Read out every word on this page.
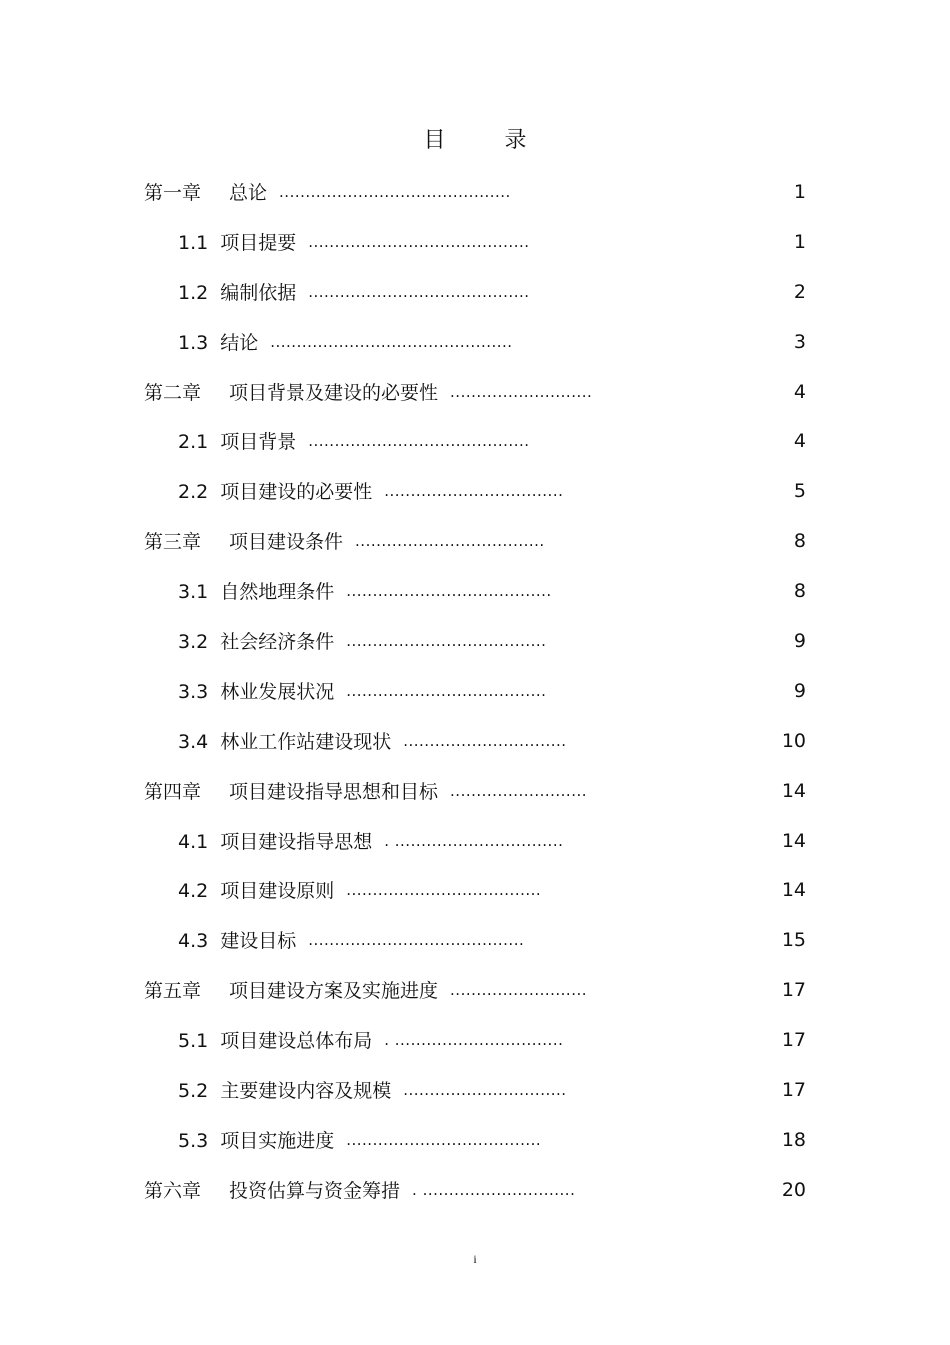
目 录
第一章 总论 ............................................	1
1.1 项目提要 ..........................................	1
1.2 编制依据 ..........................................	2
1.3 结论 ..............................................	3
第二章 项目背景及建设的必要性 ...........................	4
2.1 项目背景 ..........................................	4
2.2 项目建设的必要性 ..................................	5
第三章 项目建设条件 ....................................	8
3.1 自然地理条件 .......................................	8
3.2 社会经济条件 ......................................	9
3.3 林业发展状况 ......................................	9
3.4 林业工作站建设现状 ...............................	10
第四章 项目建设指导思想和目标 ..........................	14
4.1 项目建设指导思想 . ................................	14
4.2 项目建设原则 .....................................	14
4.3 建设目标 .........................................	15
第五章 项目建设方案及实施进度 ..........................	17
5.1 项目建设总体布局 . ................................	17
5.2 主要建设内容及规模 ...............................	17
5.3 项目实施进度 .....................................	18
第六章 投资估算与资金筹措 . .............................	20
i
